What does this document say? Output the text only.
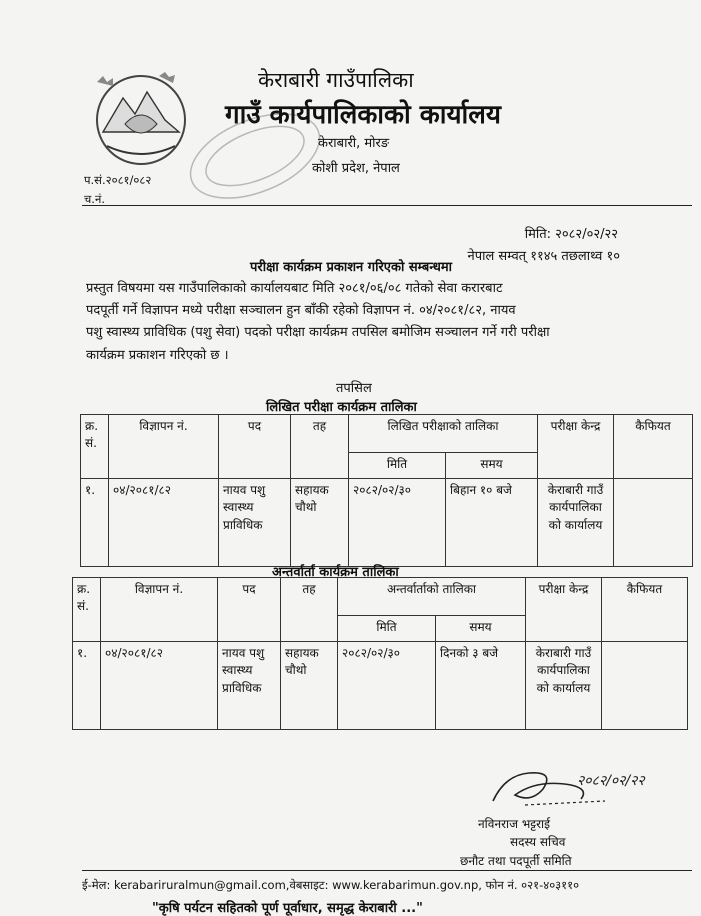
केराबारी गाउँपालिका
गाउँ कार्यपालिकाको कार्यालय
केराबारी, मोरङ
कोशी प्रदेश, नेपाल
प.सं.२०८१/०८२
च.नं.
मिति: २०८२/०२/२२
नेपाल सम्वत् ११४५ तछलाथ्व १०
परीक्षा कार्यक्रम प्रकाशन गरिएको सम्बन्धमा
प्रस्तुत विषयमा यस गाउँपालिकाको कार्यालयबाट मिति २०८१/०६/०८ गतेको सेवा करारबाट
पदपूर्ती गर्ने विज्ञापन मध्ये परीक्षा सञ्चालन हुन बाँकी रहेको विज्ञापन नं. ०४/२०८१/८२, नायव
पशु स्वास्थ्य प्राविधिक (पशु सेवा) पदको परीक्षा कार्यक्रम तपसिल बमोजिम सञ्चालन गर्ने गरी परीक्षा
कार्यक्रम प्रकाशन गरिएको छ ।
तपसिल
लिखित परीक्षा कार्यक्रम तालिका
क्र. सं.	विज्ञापन नं.	पद	तह	लिखित परीक्षाको तालिका		परीक्षा केन्द्र	कैफियत
				मिति	समय		
१.	०४/२०८१/८२	नायव पशु स्वास्थ्य प्राविधिक	सहायक चौथो	२०८२/०२/३०	बिहान १० बजे	केराबारी गाउँ कार्यपालिका को कार्यालय	
अन्तर्वार्ता कार्यक्रम तालिका
क्र. सं.	विज्ञापन नं.	पद	तह	अन्तर्वार्ताको तालिका		परीक्षा केन्द्र	कैफियत
				मिति	समय		
१.	०४/२०८१/८२	नायव पशु स्वास्थ्य प्राविधिक	सहायक चौथो	२०८२/०२/३०	दिनको ३ बजे	केराबारी गाउँ कार्यपालिका को कार्यालय	
२०८२/०२/२२
नविनराज भट्टराई
सदस्य सचिव
छनौट तथा पदपूर्ती समिति
ई-मेल: kerabariruralmun@gmail.com,वेबसाइट: www.kerabarimun.gov.np, फोन नं. ०२१-४०३११०
"कृषि पर्यटन सहितको पूर्ण पूर्वाधार, समृद्ध केराबारी ..."
